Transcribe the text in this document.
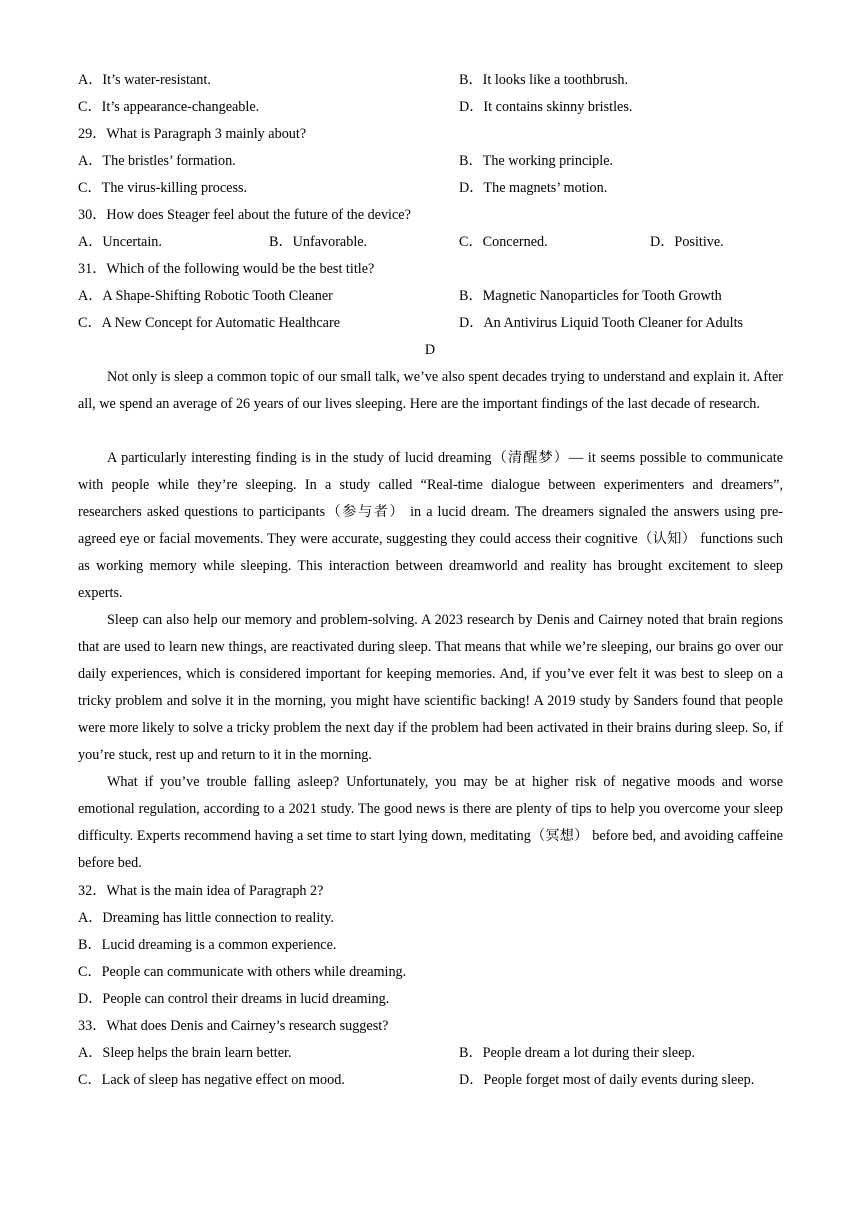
A．It’s water-resistant.	B．It looks like a toothbrush.
C．It’s appearance-changeable.	D．It contains skinny bristles.
29．What is Paragraph 3 mainly about?
A．The bristles’ formation.	B．The working principle.
C．The virus-killing process.	D．The magnets’ motion.
30．How does Steager feel about the future of the device?
A．Uncertain.	B．Unfavorable.	C．Concerned.	D．Positive.
31．Which of the following would be the best title?
A．A Shape-Shifting Robotic Tooth Cleaner	B．Magnetic Nanoparticles for Tooth Growth
C．A New Concept for Automatic Healthcare	D．An Antivirus Liquid Tooth Cleaner for Adults
D
Not only is sleep a common topic of our small talk, we’ve also spent decades trying to understand and explain it. After all, we spend an average of 26 years of our lives sleeping. Here are the important findings of the last decade of research.
A particularly interesting finding is in the study of lucid dreaming（清醒梦）— it seems possible to communicate with people while they’re sleeping. In a study called “Real-time dialogue between experimenters and dreamers”, researchers asked questions to participants（参与者） in a lucid dream. The dreamers signaled the answers using pre-agreed eye or facial movements. They were accurate, suggesting they could access their cognitive（认知） functions such as working memory while sleeping. This interaction between dreamworld and reality has brought excitement to sleep experts.
Sleep can also help our memory and problem-solving. A 2023 research by Denis and Cairney noted that brain regions that are used to learn new things, are reactivated during sleep. That means that while we’re sleeping, our brains go over our daily experiences, which is considered important for keeping memories. And, if you’ve ever felt it was best to sleep on a tricky problem and solve it in the morning, you might have scientific backing! A 2019 study by Sanders found that people were more likely to solve a tricky problem the next day if the problem had been activated in their brains during sleep. So, if you’re stuck, rest up and return to it in the morning.
What if you’ve trouble falling asleep? Unfortunately, you may be at higher risk of negative moods and worse emotional regulation, according to a 2021 study. The good news is there are plenty of tips to help you overcome your sleep difficulty. Experts recommend having a set time to start lying down, meditating（冥想） before bed, and avoiding caffeine before bed.
32．What is the main idea of Paragraph 2?
A．Dreaming has little connection to reality.
B．Lucid dreaming is a common experience.
C．People can communicate with others while dreaming.
D．People can control their dreams in lucid dreaming.
33．What does Denis and Cairney’s research suggest?
A．Sleep helps the brain learn better.	B．People dream a lot during their sleep.
C．Lack of sleep has negative effect on mood.	D．People forget most of daily events during sleep.
